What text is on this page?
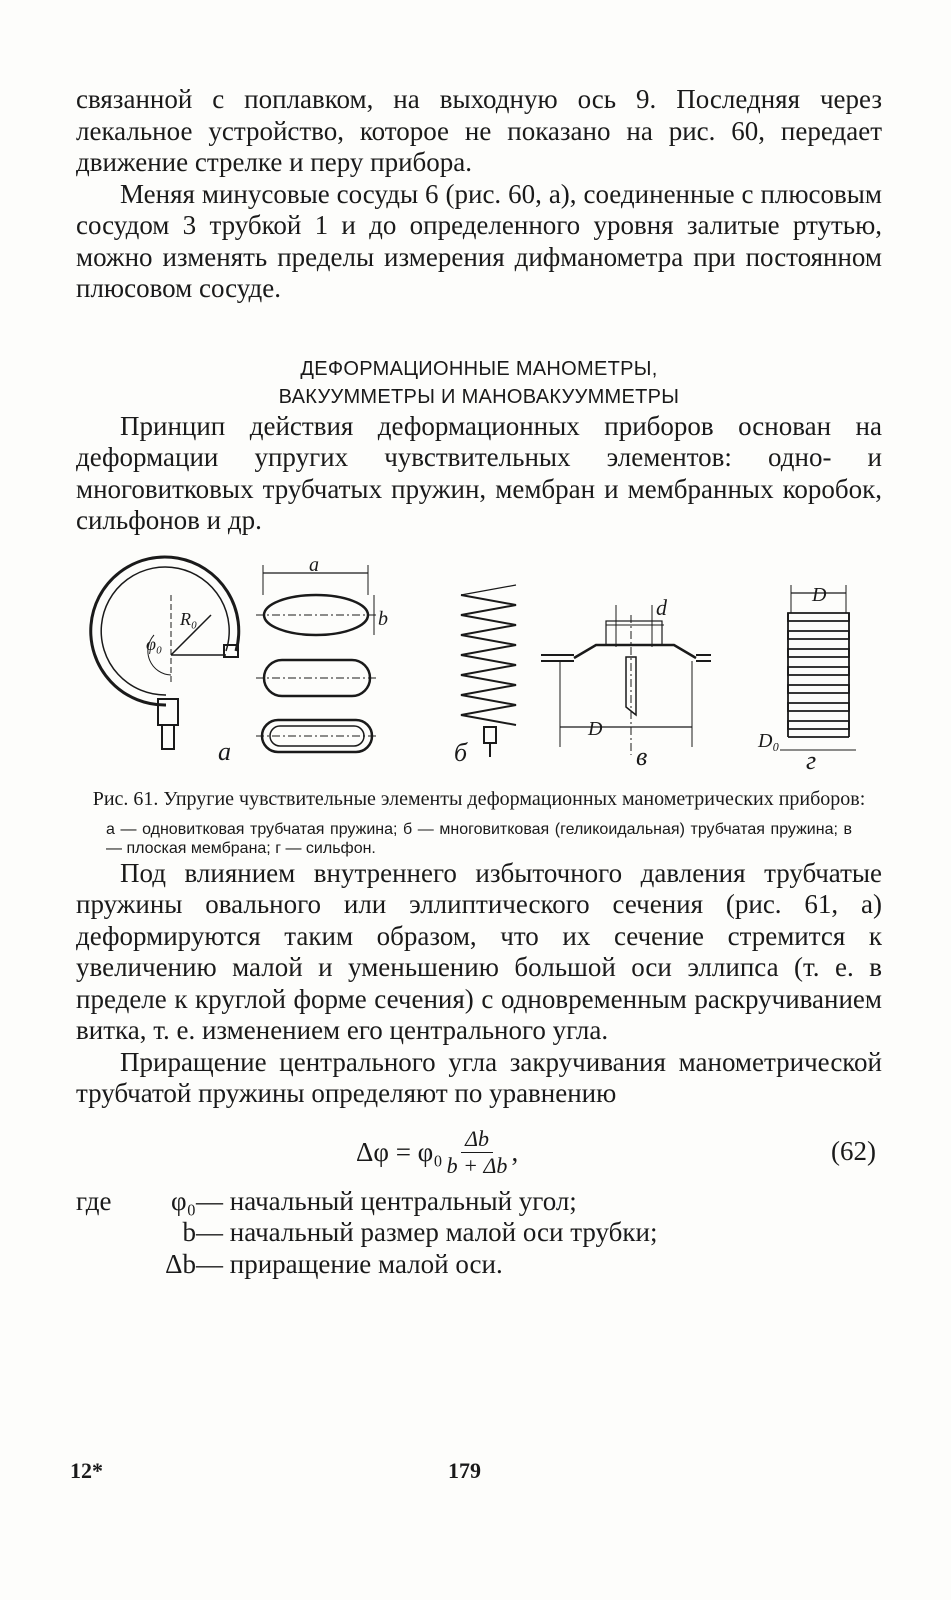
связанной с поплавком, на выходную ось 9. Последняя через лекальное устройство, которое не показано на рис. 60, передает движение стрелке и перу прибора.

Меняя минусовые сосуды 6 (рис. 60, а), соединенные с плюсовым сосудом 3 трубкой 1 и до определенного уровня залитые ртутью, можно изменять пределы измерения дифманометра при постоянном плюсовом сосуде.

ДЕФОРМАЦИОННЫЕ МАНОМЕТРЫ,
ВАКУУММЕТРЫ И МАНОВАКУУММЕТРЫ

Принцип действия деформационных приборов основан на деформации упругих чувствительных элементов: одно- и многовитковых трубчатых пружин, мембран и мембранных коробок, сильфонов и др.

а
φ₀
R₀
a
b
б
d
D
в
D
D₀
г
Рис. 61. Упругие чувствительные элементы деформационных манометрических приборов:
а — одновитковая трубчатая пружина; б — многовитковая (геликоидальная) трубчатая пружина; в — плоская мембрана; г — сильфон.

Под влиянием внутреннего избыточного давления трубчатые пружины овального или эллиптического сечения (рис. 61, а) деформируются таким образом, что их сечение стремится к увеличению малой и уменьшению большой оси эллипса (т. е. в пределе к круглой форме сечения) с одновременным раскручиванием витка, т. е. изменением его центрального угла.

Приращение центрального угла закручивания манометрической трубчатой пружины определяют по уравнению

$\Delta\varphi = \varphi_0 \frac{\Delta b}{b + \Delta b}$ ,	(62)
где	φ₀ — начальный центральный угол;
b — начальный размер малой оси трубки;
Δb — приращение малой оси.
12*	179
